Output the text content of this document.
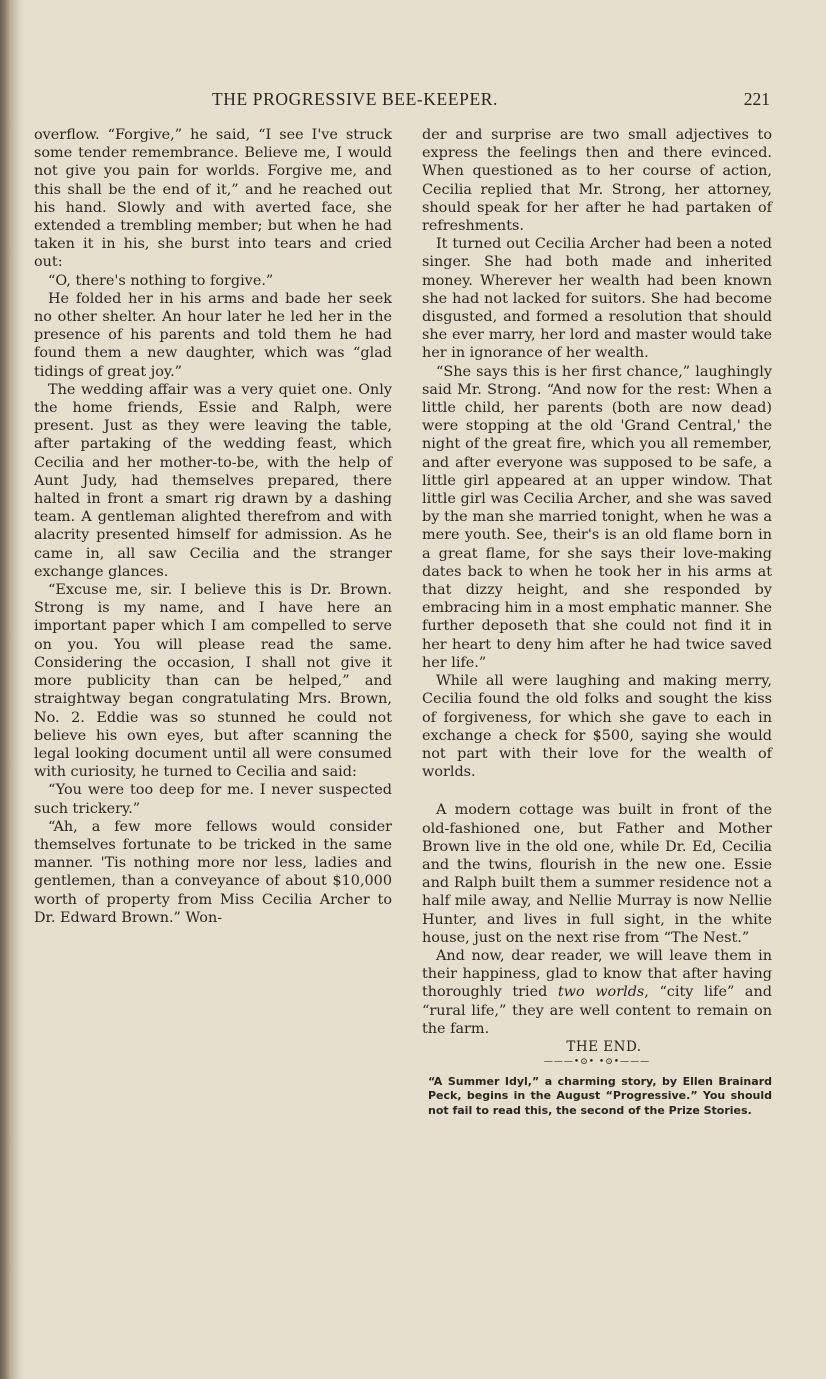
THE PROGRESSIVE BEE-KEEPER.	221

overflow. “Forgive,” he said, “I see I've struck some tender remembrance. Believe me, I would not give you pain for worlds. Forgive me, and this shall be the end of it,” and he reached out his hand. Slowly and with averted face, she extended a trembling member; but when he had taken it in his, she burst into tears and cried out:

“O, there's nothing to forgive.”

He folded her in his arms and bade her seek no other shelter. An hour later he led her in the presence of his parents and told them he had found them a new daughter, which was “glad tidings of great joy.”

The wedding affair was a very quiet one. Only the home friends, Essie and Ralph, were present. Just as they were leaving the table, after partaking of the wedding feast, which Cecilia and her mother-to-be, with the help of Aunt Judy, had themselves prepared, there halted in front a smart rig drawn by a dashing team. A gentleman alighted therefrom and with alacrity presented himself for admission. As he came in, all saw Cecilia and the stranger exchange glances.

“Excuse me, sir. I believe this is Dr. Brown. Strong is my name, and I have here an important paper which I am compelled to serve on you. You will please read the same. Considering the occasion, I shall not give it more publicity than can be helped,” and straightway began congratulating Mrs. Brown, No. 2. Eddie was so stunned he could not believe his own eyes, but after scanning the legal looking document until all were consumed with curiosity, he turned to Cecilia and said:

“You were too deep for me. I never suspected such trickery.”

“Ah, a few more fellows would consider themselves fortunate to be tricked in the same manner. 'Tis nothing more nor less, ladies and gentlemen, than a conveyance of about $10,000 worth of property from Miss Cecilia Archer to Dr. Edward Brown.” Won-

der and surprise are two small adjectives to express the feelings then and there evinced. When questioned as to her course of action, Cecilia replied that Mr. Strong, her attorney, should speak for her after he had partaken of refreshments.

It turned out Cecilia Archer had been a noted singer. She had both made and inherited money. Wherever her wealth had been known she had not lacked for suitors. She had become disgusted, and formed a resolution that should she ever marry, her lord and master would take her in ignorance of her wealth.

“She says this is her first chance,” laughingly said Mr. Strong. “And now for the rest: When a little child, her parents (both are now dead) were stopping at the old 'Grand Central,' the night of the great fire, which you all remember, and after everyone was supposed to be safe, a little girl appeared at an upper window. That little girl was Cecilia Archer, and she was saved by the man she married tonight, when he was a mere youth. See, their's is an old flame born in a great flame, for she says their love-making dates back to when he took her in his arms at that dizzy height, and she responded by embracing him in a most emphatic manner. She further deposeth that she could not find it in her heart to deny him after he had twice saved her life.”

While all were laughing and making merry, Cecilia found the old folks and sought the kiss of forgiveness, for which she gave to each in exchange a check for $500, saying she would not part with their love for the wealth of worlds.

A modern cottage was built in front of the old-fashioned one, but Father and Mother Brown live in the old one, while Dr. Ed, Cecilia and the twins, flourish in the new one. Essie and Ralph built them a summer residence not a half mile away, and Nellie Murray is now Nellie Hunter, and lives in full sight, in the white house, just on the next rise from “The Nest.”

And now, dear reader, we will leave them in their happiness, glad to know that after having thoroughly tried two worlds, “city life” and “rural life,” they are well content to remain on the farm.

THE END.

———•⊙• •⊙•———
“A Summer Idyl,” a charming story, by Ellen Brainard Peck, begins in the August “Progressive.” You should not fail to read this, the second of the Prize Stories.
